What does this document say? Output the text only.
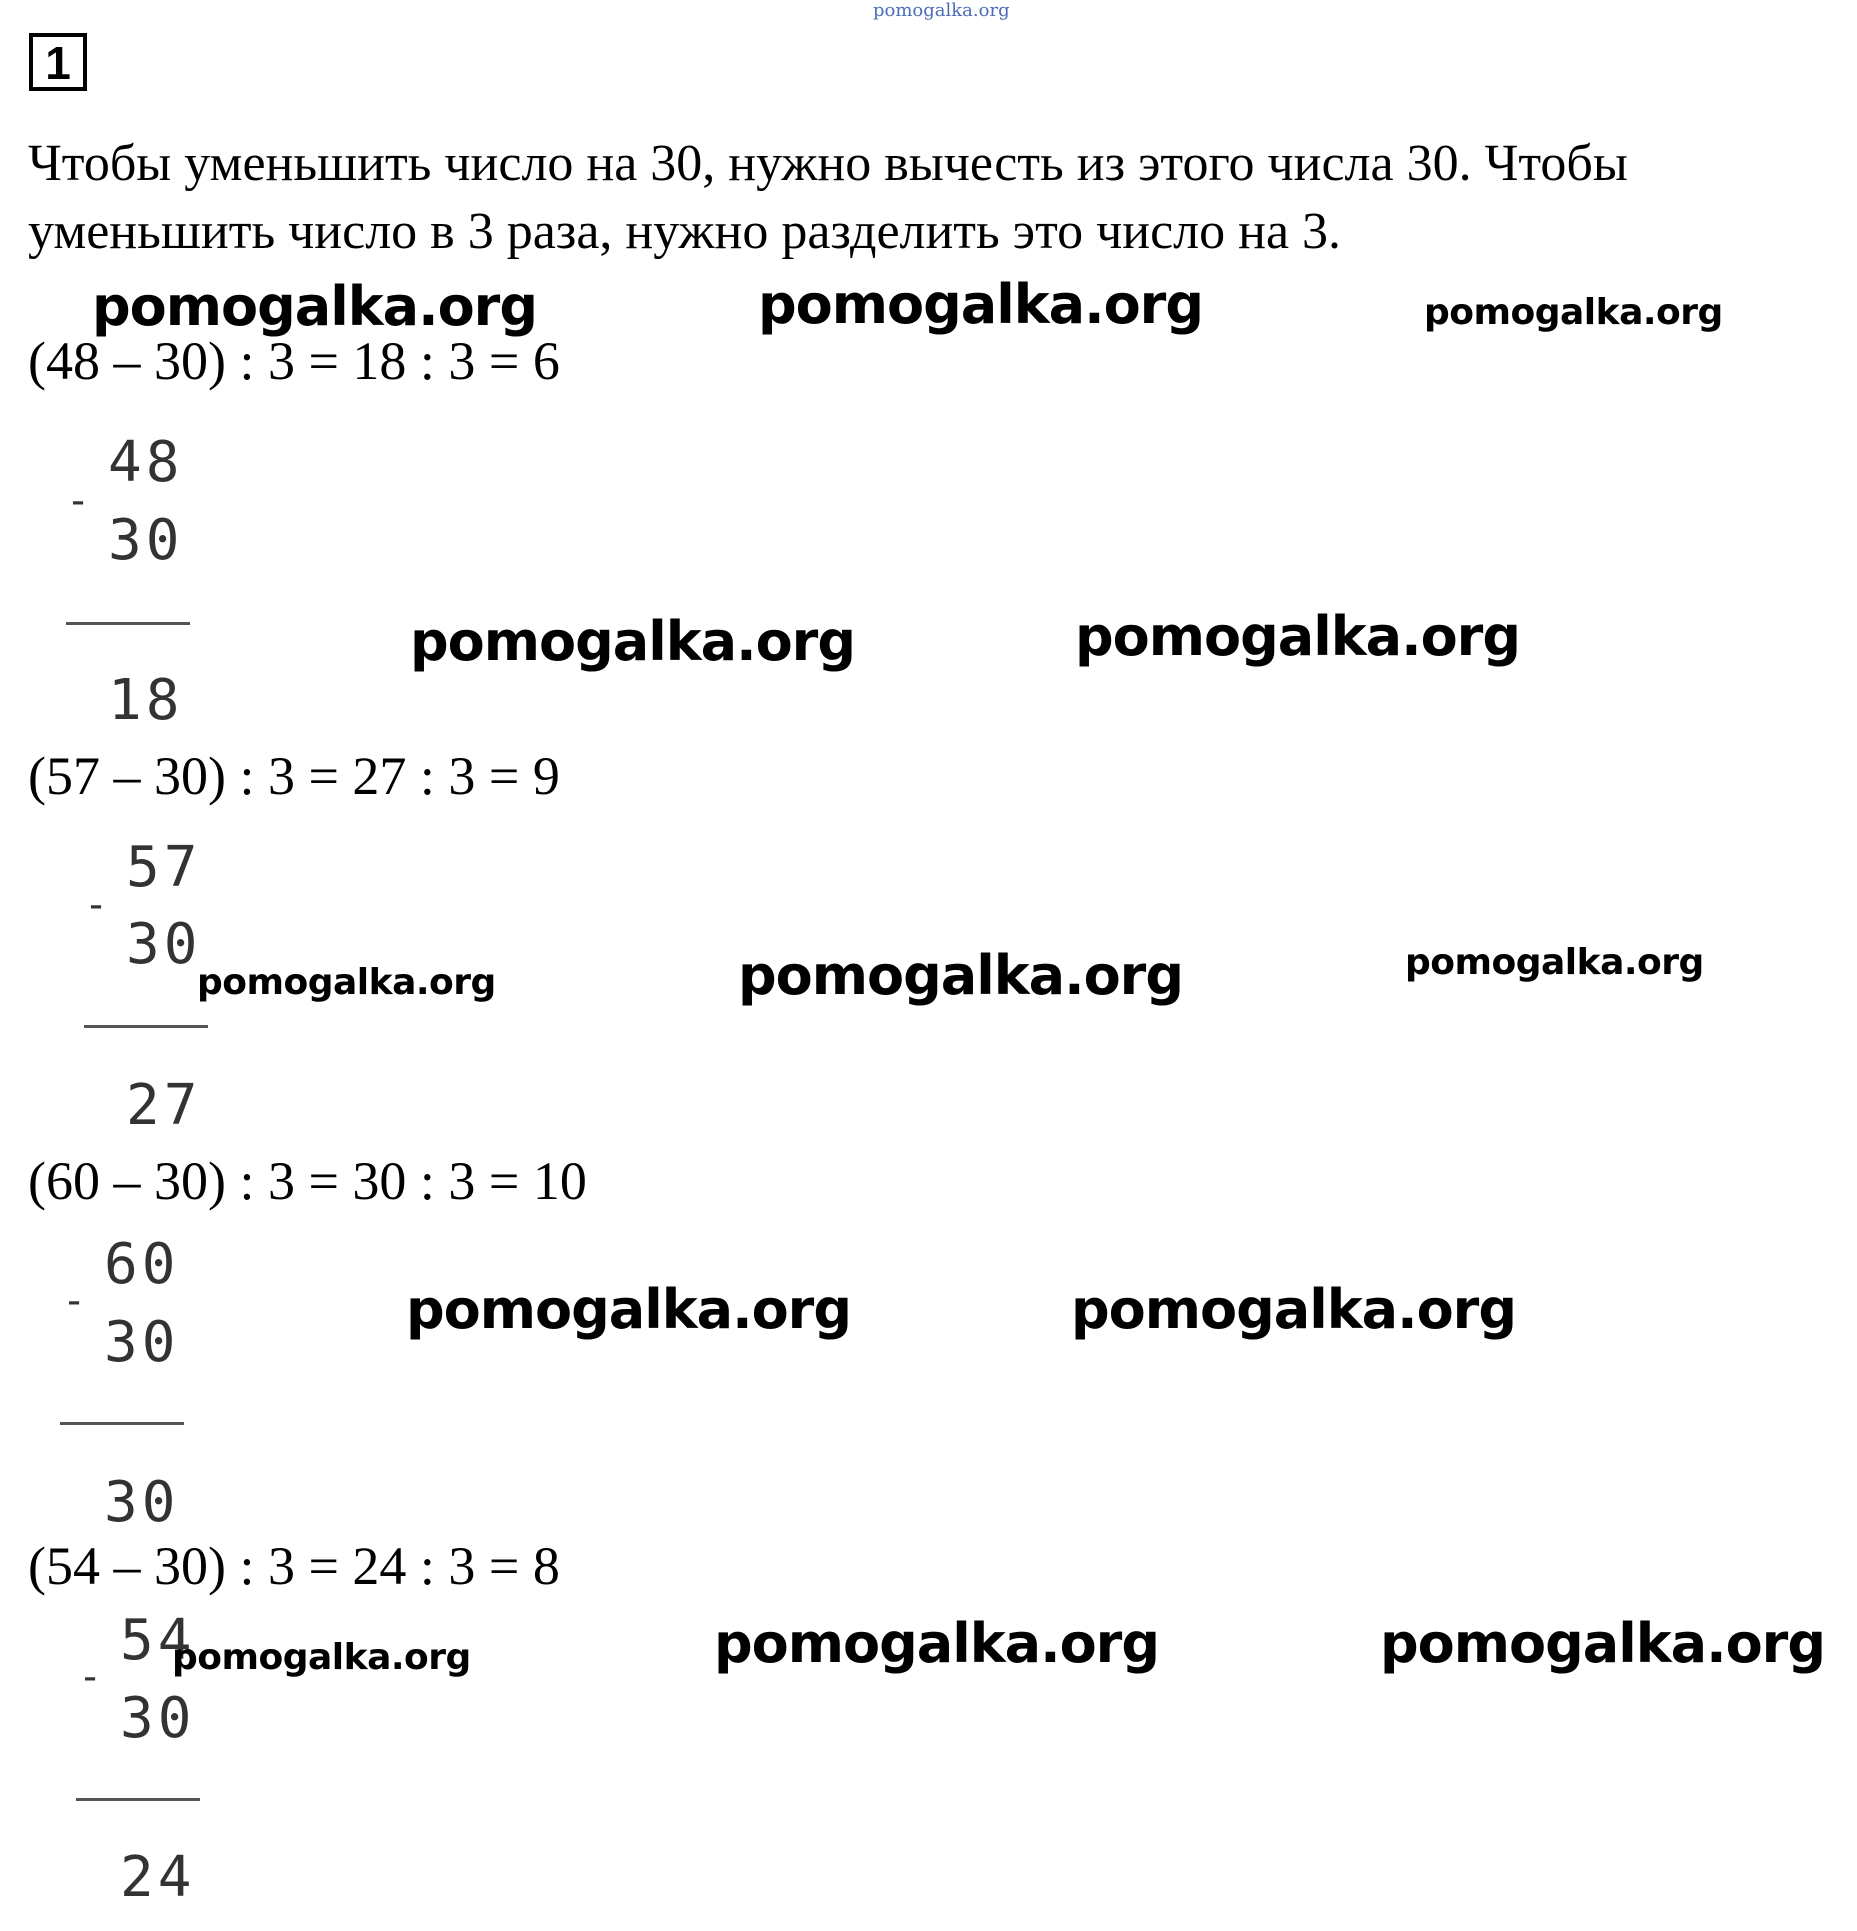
pomogalka.org
1
Чтобы уменьшить число на 30, нужно вычесть из этого числа 30. Чтобы уменьшить число в 3 раза, нужно разделить это число на 3.
(48 – 30) : 3 = 18 : 3 = 6
-
48
30
18
(57 – 30) : 3 = 27 : 3 = 9
-
57
30
27
(60 – 30) : 3 = 30 : 3 = 10
-
60
30
30
(54 – 30) : 3 = 24 : 3 = 8
-
54
30
24
pomogalka.org	pomogalka.org	pomogalka.org
pomogalka.org	pomogalka.org
pomogalka.org	pomogalka.org	pomogalka.org
pomogalka.org	pomogalka.org
pomogalka.org	pomogalka.org	pomogalka.org
